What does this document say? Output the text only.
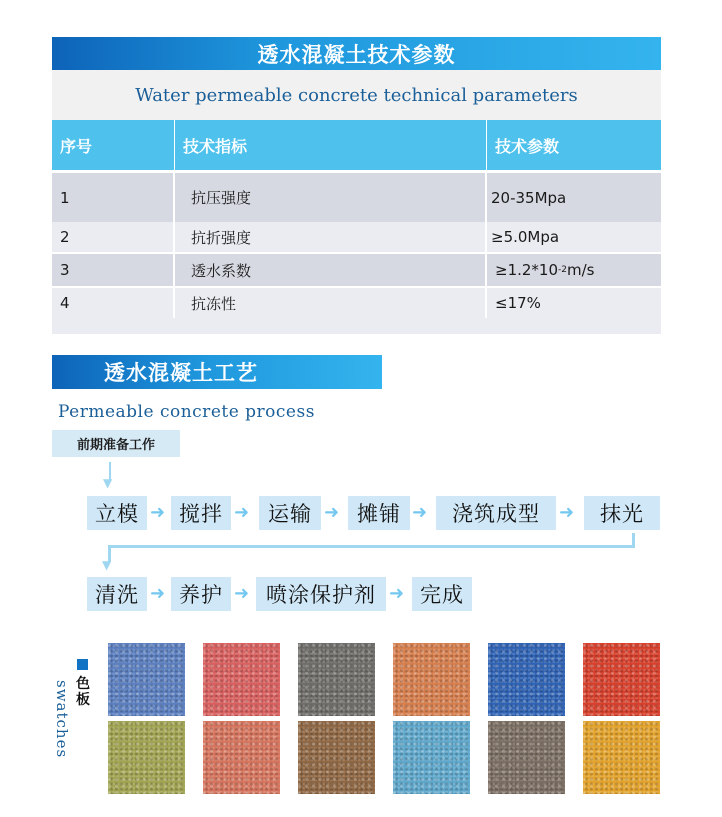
透水混凝土技术参数
Water permeable concrete technical parameters
序号	技术指标	技术参数
1	抗压强度	20-35Mpa
2	抗折强度	≥5.0Mpa
3	透水系数	≥1.2*10 -2 m/s
4	抗冻性	≤17%
透水混凝土工艺
Permeable concrete process
前期准备工作
▼
立模 ➜ 搅拌 ➜ 运输 ➜ 摊铺 ➜	浇筑成型	➜	抹光
▼
清洗 ➜ 养护 ➜ 喷涂保护剂 ➜ 完成
色
板
swatches
